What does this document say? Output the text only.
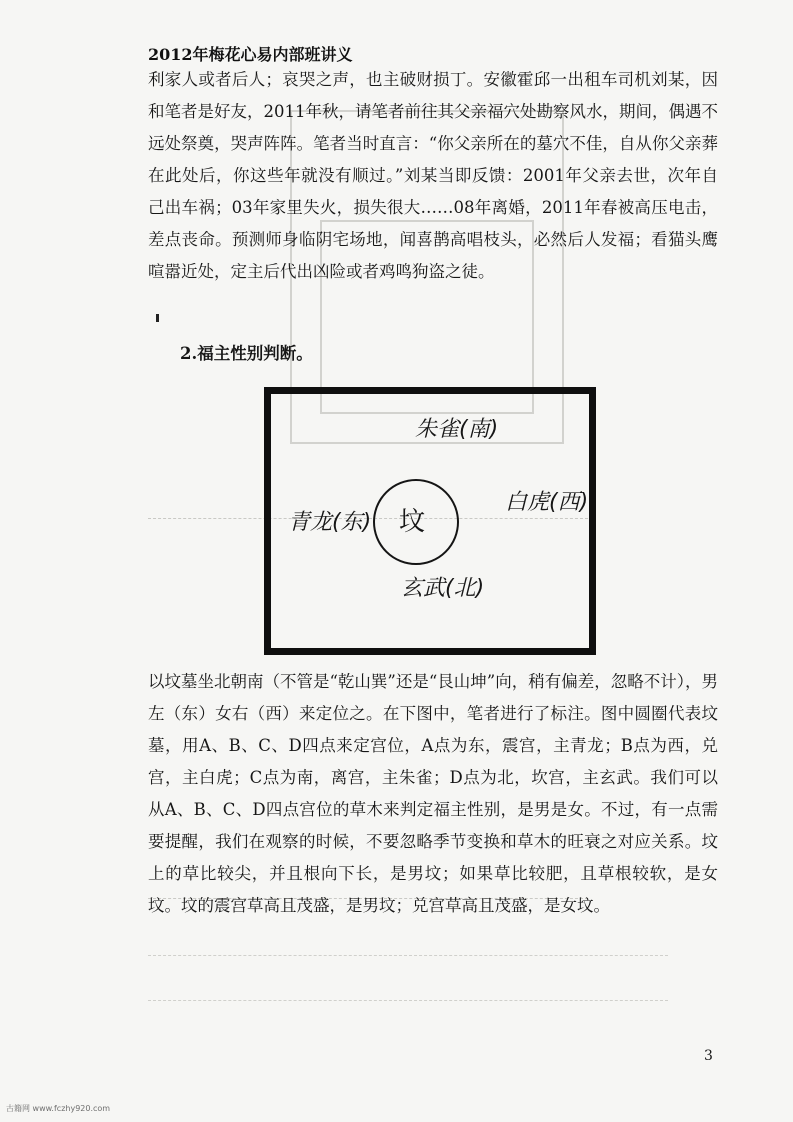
2012年梅花心易内部班讲义

利家人或者后人；哀哭之声，也主破财损丁。安徽霍邱一出租车司机刘某，因和笔者是好友，2011年秋，请笔者前往其父亲福穴处勘察风水，期间，偶遇不远处祭奠，哭声阵阵。笔者当时直言：“你父亲所在的墓穴不佳，自从你父亲葬在此处后，你这些年就没有顺过。”刘某当即反馈：2001年父亲去世，次年自己出车祸；03年家里失火，损失很大……08年离婚，2011年春被高压电击，差点丧命。预测师身临阴宅场地，闻喜鹊高唱枝头，必然后人发福；看猫头鹰喧嚣近处，定主后代出凶险或者鸡鸣狗盗之徒。

2.福主性别判断。
坟
朱雀(南)
青龙(东)
白虎(西)
玄武(北)

以坟墓坐北朝南（不管是“乾山巽”还是“艮山坤”向，稍有偏差，忽略不计），男左（东）女右（西）来定位之。在下图中，笔者进行了标注。图中圆圈代表坟墓，用A、B、C、D四点来定宫位，A点为东，震宫，主青龙；B点为西，兑宫，主白虎；C点为南，离宫，主朱雀；D点为北，坎宫，主玄武。我们可以从A、B、C、D四点宫位的草木来判定福主性别，是男是女。不过，有一点需要提醒，我们在观察的时候，不要忽略季节变换和草木的旺衰之对应关系。坟上的草比较尖，并且根向下长，是男坟；如果草比较肥，且草根较软，是女坟。坟的震宫草高且茂盛，是男坟；兑宫草高且茂盛，是女坟。

3
古籍网 www.fczhy920.com
